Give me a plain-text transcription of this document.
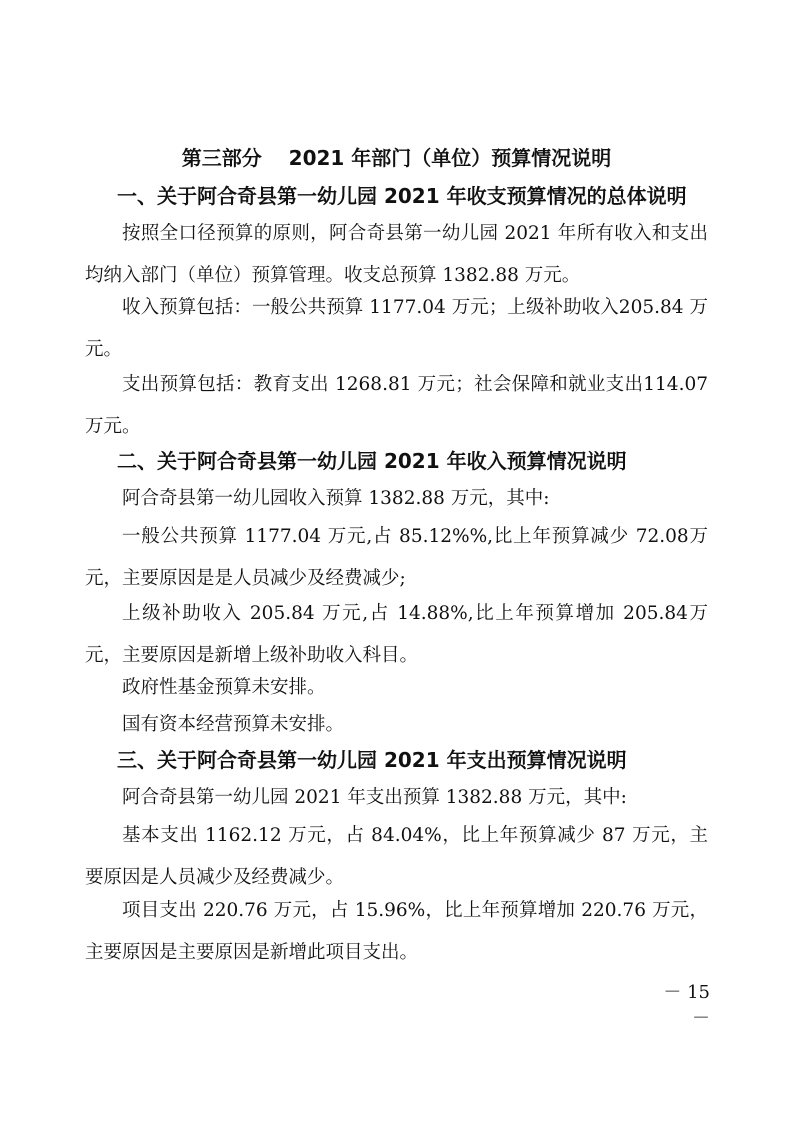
第三部分　 2021 年部门（单位）预算情况说明
一、关于阿合奇县第一幼儿园 2021 年收支预算情况的总体说明

按照全口径预算的原则，阿合奇县第一幼儿园 2021 年所有收入和支出均纳入部门（单位）预算管理。收支总预算 1382.88 万元。

收入预算包括：一般公共预算 1177.04 万元；上级补助收入205.84 万元。

支出预算包括：教育支出 1268.81 万元；社会保障和就业支出114.07 万元。

二、关于阿合奇县第一幼儿园 2021 年收入预算情况说明

阿合奇县第一幼儿园收入预算 1382.88 万元，其中:

一般公共预算 1177.04 万元,占 85.12%%,比上年预算减少 72.08万元，主要原因是是人员减少及经费减少;

上级补助收入 205.84 万元,占 14.88%,比上年预算增加 205.84万元，主要原因是新增上级补助收入科目。

政府性基金预算未安排。

国有资本经营预算未安排。

三、关于阿合奇县第一幼儿园 2021 年支出预算情况说明

阿合奇县第一幼儿园 2021 年支出预算 1382.88 万元，其中:

基本支出 1162.12 万元，占 84.04%，比上年预算减少 87 万元，主要原因是人员减少及经费减少。

项目支出 220.76 万元，占 15.96%，比上年预算增加 220.76 万元，主要原因是主要原因是新增此项目支出。

－ 15 －
